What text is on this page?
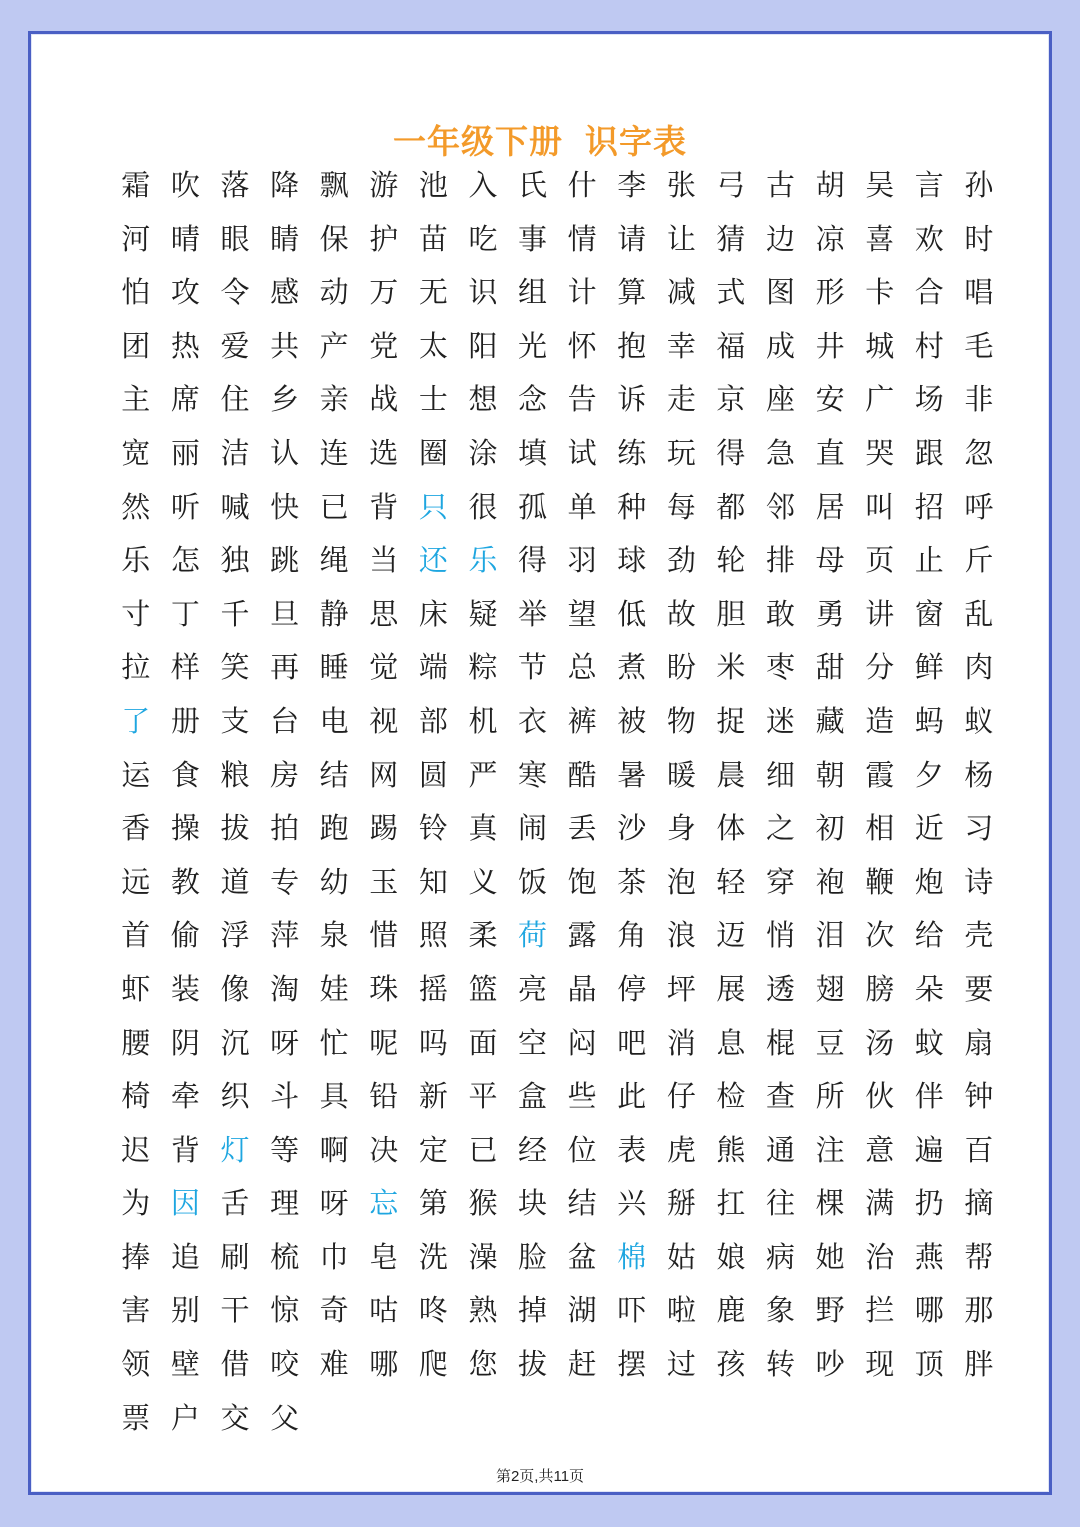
一年级下册 识字表
霜 吹 落 降 飘 游 池 入 氏 什 李 张 弓 古 胡 吴 言 孙
河 晴 眼 睛 保 护 苗 吃 事 情 请 让 猜 边 凉 喜 欢 时
怕 攻 令 感 动 万 无 识 组 计 算 减 式 图 形 卡 合 唱
团 热 爱 共 产 党 太 阳 光 怀 抱 幸 福 成 井 城 村 毛
主 席 住 乡 亲 战 士 想 念 告 诉 走 京 座 安 广 场 非
宽 丽 洁 认 连 选 圈 涂 填 试 练 玩 得 急 直 哭 跟 忽
然 听 喊 快 已 背 只 很 孤 单 种 每 都 邻 居 叫 招 呼
乐 怎 独 跳 绳 当 还 乐 得 羽 球 劲 轮 排 母 页 止 斤
寸 丁 千 旦 静 思 床 疑 举 望 低 故 胆 敢 勇 讲 窗 乱
拉 样 笑 再 睡 觉 端 粽 节 总 煮 盼 米 枣 甜 分 鲜 肉
了 册 支 台 电 视 部 机 衣 裤 被 物 捉 迷 藏 造 蚂 蚁
运 食 粮 房 结 网 圆 严 寒 酷 暑 暖 晨 细 朝 霞 夕 杨
香 操 拔 拍 跑 踢 铃 真 闹 丢 沙 身 体 之 初 相 近 习
远 教 道 专 幼 玉 知 义 饭 饱 茶 泡 轻 穿 袍 鞭 炮 诗
首 偷 浮 萍 泉 惜 照 柔 荷 露 角 浪 迈 悄 泪 次 给 壳
虾 装 像 淘 娃 珠 摇 篮 亮 晶 停 坪 展 透 翅 膀 朵 要
腰 阴 沉 呀 忙 呢 吗 面 空 闷 吧 消 息 棍 豆 汤 蚊 扇
椅 牵 织 斗 具 铅 新 平 盒 些 此 仔 检 查 所 伙 伴 钟
迟 背 灯 等 啊 决 定 已 经 位 表 虎 熊 通 注 意 遍 百
为 因 舌 理 呀 忘 第 猴 块 结 兴 掰 扛 往 棵 满 扔 摘
捧 追 刷 梳 巾 皂 洗 澡 脸 盆 棉 姑 娘 病 她 治 燕 帮
害 别 干 惊 奇 咕 咚 熟 掉 湖 吓 啦 鹿 象 野 拦 哪 那
领 壁 借 咬 难 哪 爬 您 拔 赶 摆 过 孩 转 吵 现 顶 胖
票 户 交 父
第2页,共11页
